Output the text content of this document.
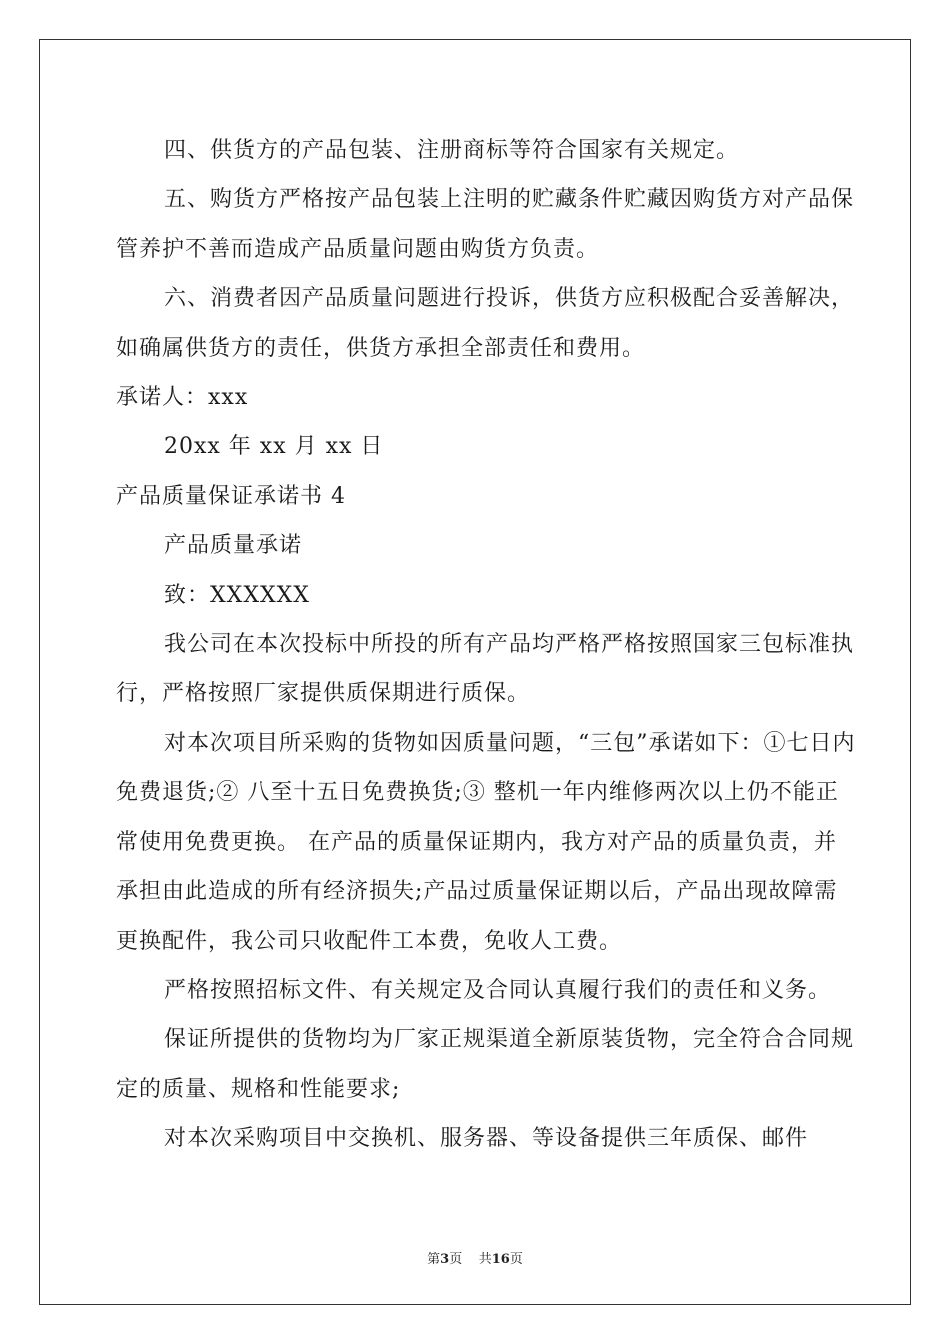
四、供货方的产品包装、注册商标等符合国家有关规定。

五、购货方严格按产品包装上注明的贮藏条件贮藏因购货方对产品保管养护不善而造成产品质量问题由购货方负责。

六、消费者因产品质量问题进行投诉，供货方应积极配合妥善解决，如确属供货方的责任，供货方承担全部责任和费用。

承诺人：xxx

20xx 年 xx 月 xx 日

产品质量保证承诺书 4

产品质量承诺

致：XXXXXX

我公司在本次投标中所投的所有产品均严格严格按照国家三包标准执行，严格按照厂家提供质保期进行质保。

对本次项目所采购的货物如因质量问题，“三包”承诺如下：①七日内免费退货;② 八至十五日免费换货;③ 整机一年内维修两次以上仍不能正常使用免费更换。 在产品的质量保证期内，我方对产品的质量负责，并承担由此造成的所有经济损失;产品过质量保证期以后，产品出现故障需更换配件，我公司只收配件工本费，免收人工费。

严格按照招标文件、有关规定及合同认真履行我们的责任和义务。

保证所提供的货物均为厂家正规渠道全新原装货物，完全符合合同规定的质量、规格和性能要求;

对本次采购项目中交换机、服务器、等设备提供三年质保、邮件

第3页 共16页
